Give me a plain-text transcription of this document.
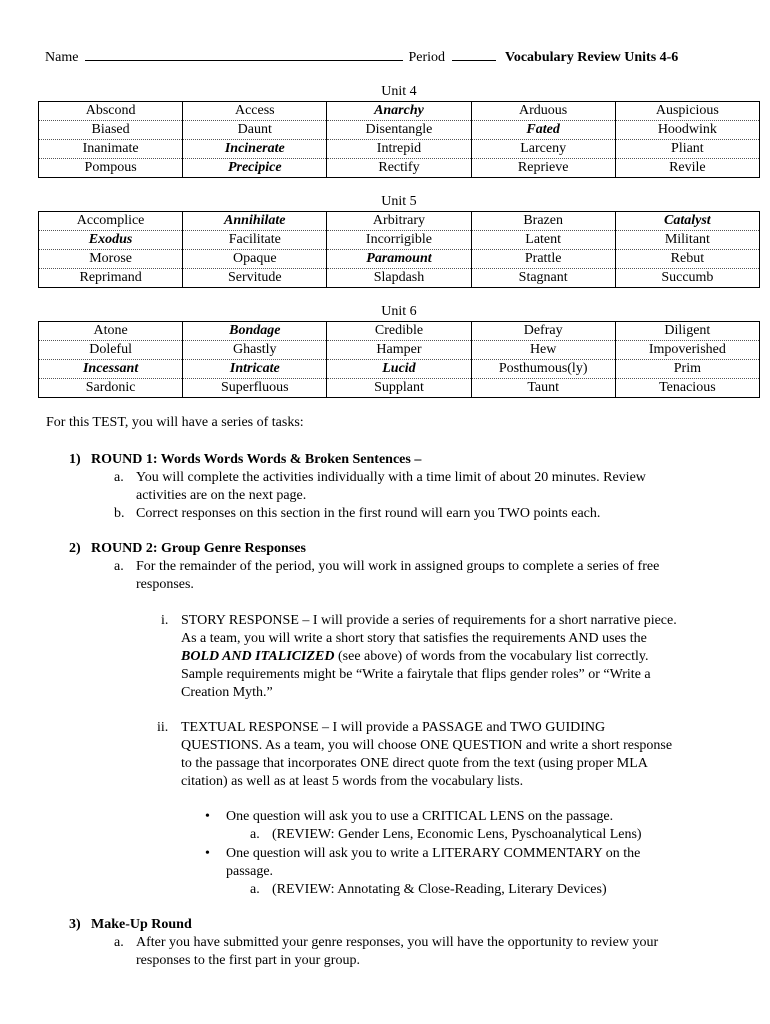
Name	Period	Vocabulary Review Units 4-6
Unit 4
Abscond	Access	Anarchy	Arduous	Auspicious
Biased	Daunt	Disentangle	Fated	Hoodwink
Inanimate	Incinerate	Intrepid	Larceny	Pliant
Pompous	Precipice	Rectify	Reprieve	Revile
Unit 5
Accomplice	Annihilate	Arbitrary	Brazen	Catalyst
Exodus	Facilitate	Incorrigible	Latent	Militant
Morose	Opaque	Paramount	Prattle	Rebut
Reprimand	Servitude	Slapdash	Stagnant	Succumb
Unit 6
Atone	Bondage	Credible	Defray	Diligent
Doleful	Ghastly	Hamper	Hew	Impoverished
Incessant	Intricate	Lucid	Posthumous(ly)	Prim
Sardonic	Superfluous	Supplant	Taunt	Tenacious
For this TEST, you will have a series of tasks:
1) ROUND 1: Words Words Words & Broken Sentences –
a. You will complete the activities individually with a time limit of about 20 minutes. Review
activities are on the next page.
b. Correct responses on this section in the first round will earn you TWO points each.
2) ROUND 2: Group Genre Responses
a. For the remainder of the period, you will work in assigned groups to complete a series of free
responses.
i. STORY RESPONSE – I will provide a series of requirements for a short narrative piece.
As a team, you will write a short story that satisfies the requirements AND uses the
BOLD AND ITALICIZED (see above) of words from the vocabulary list correctly.
Sample requirements might be “Write a fairytale that flips gender roles” or “Write a
Creation Myth.”
ii. TEXTUAL RESPONSE – I will provide a PASSAGE and TWO GUIDING
QUESTIONS. As a team, you will choose ONE QUESTION and write a short response
to the passage that incorporates ONE direct quote from the text (using proper MLA
citation) as well as at least 5 words from the vocabulary lists.
• One question will ask you to use a CRITICAL LENS on the passage.
a. (REVIEW: Gender Lens, Economic Lens, Pyschoanalytical Lens)
• One question will ask you to write a LITERARY COMMENTARY on the
passage.
a. (REVIEW: Annotating & Close-Reading, Literary Devices)
3) Make-Up Round
a. After you have submitted your genre responses, you will have the opportunity to review your
responses to the first part in your group.
